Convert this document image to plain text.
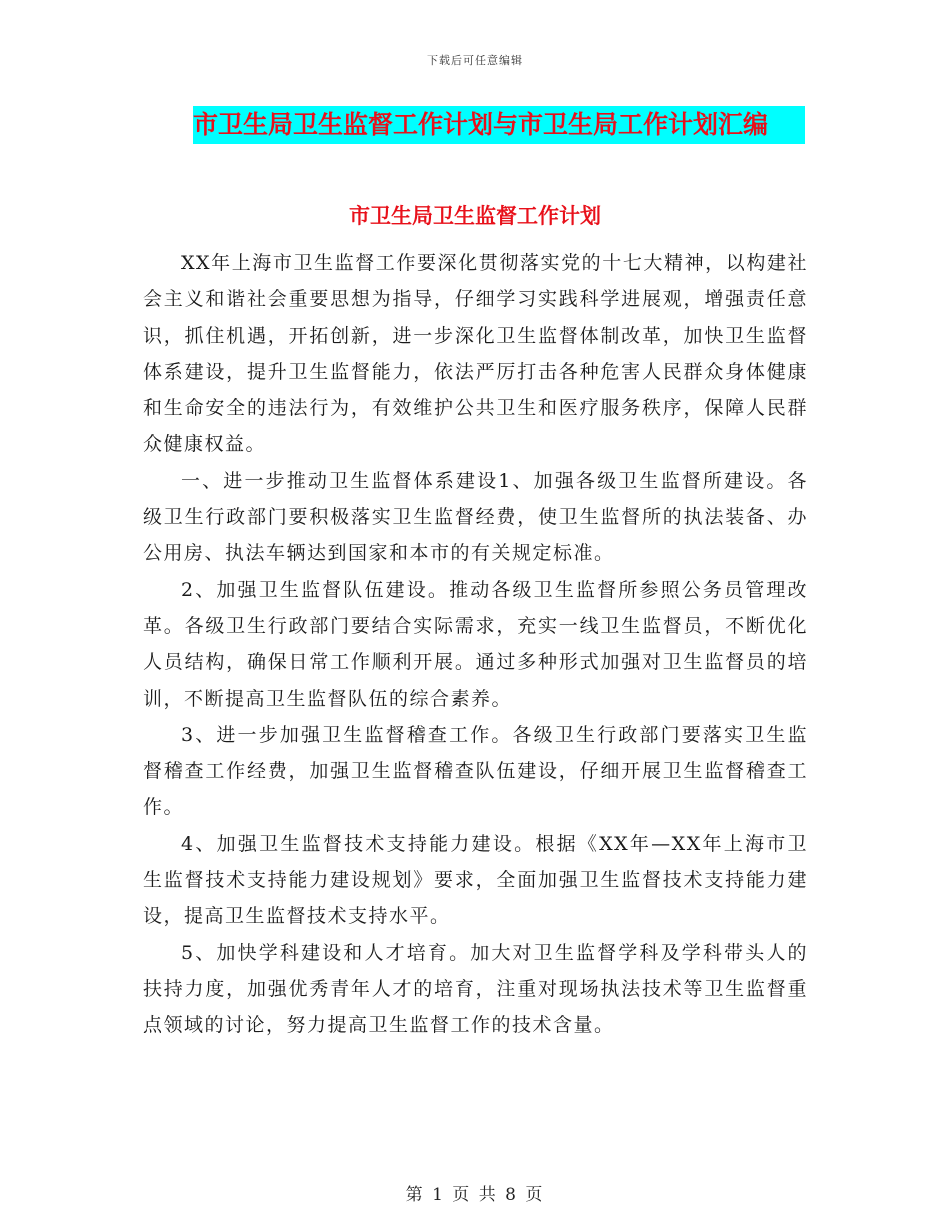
下载后可任意编辑
市卫生局卫生监督工作计划与市卫生局工作计划汇编
市卫生局卫生监督工作计划

XX年上海市卫生监督工作要深化贯彻落实党的十七大精神，以构建社会主义和谐社会重要思想为指导，仔细学习实践科学进展观，增强责任意识，抓住机遇，开拓创新，进一步深化卫生监督体制改革，加快卫生监督体系建设，提升卫生监督能力，依法严厉打击各种危害人民群众身体健康和生命安全的违法行为，有效维护公共卫生和医疗服务秩序，保障人民群众健康权益。

一、进一步推动卫生监督体系建设1、加强各级卫生监督所建设。各级卫生行政部门要积极落实卫生监督经费，使卫生监督所的执法装备、办公用房、执法车辆达到国家和本市的有关规定标准。

2、加强卫生监督队伍建设。推动各级卫生监督所参照公务员管理改革。各级卫生行政部门要结合实际需求，充实一线卫生监督员，不断优化人员结构，确保日常工作顺利开展。通过多种形式加强对卫生监督员的培训，不断提高卫生监督队伍的综合素养。

3、进一步加强卫生监督稽查工作。各级卫生行政部门要落实卫生监督稽查工作经费，加强卫生监督稽查队伍建设，仔细开展卫生监督稽查工作。

4、加强卫生监督技术支持能力建设。根据《XX年—XX年上海市卫生监督技术支持能力建设规划》要求，全面加强卫生监督技术支持能力建设，提高卫生监督技术支持水平。

5、加快学科建设和人才培育。加大对卫生监督学科及学科带头人的扶持力度，加强优秀青年人才的培育，注重对现场执法技术等卫生监督重点领域的讨论，努力提高卫生监督工作的技术含量。

第 1 页 共 8 页
